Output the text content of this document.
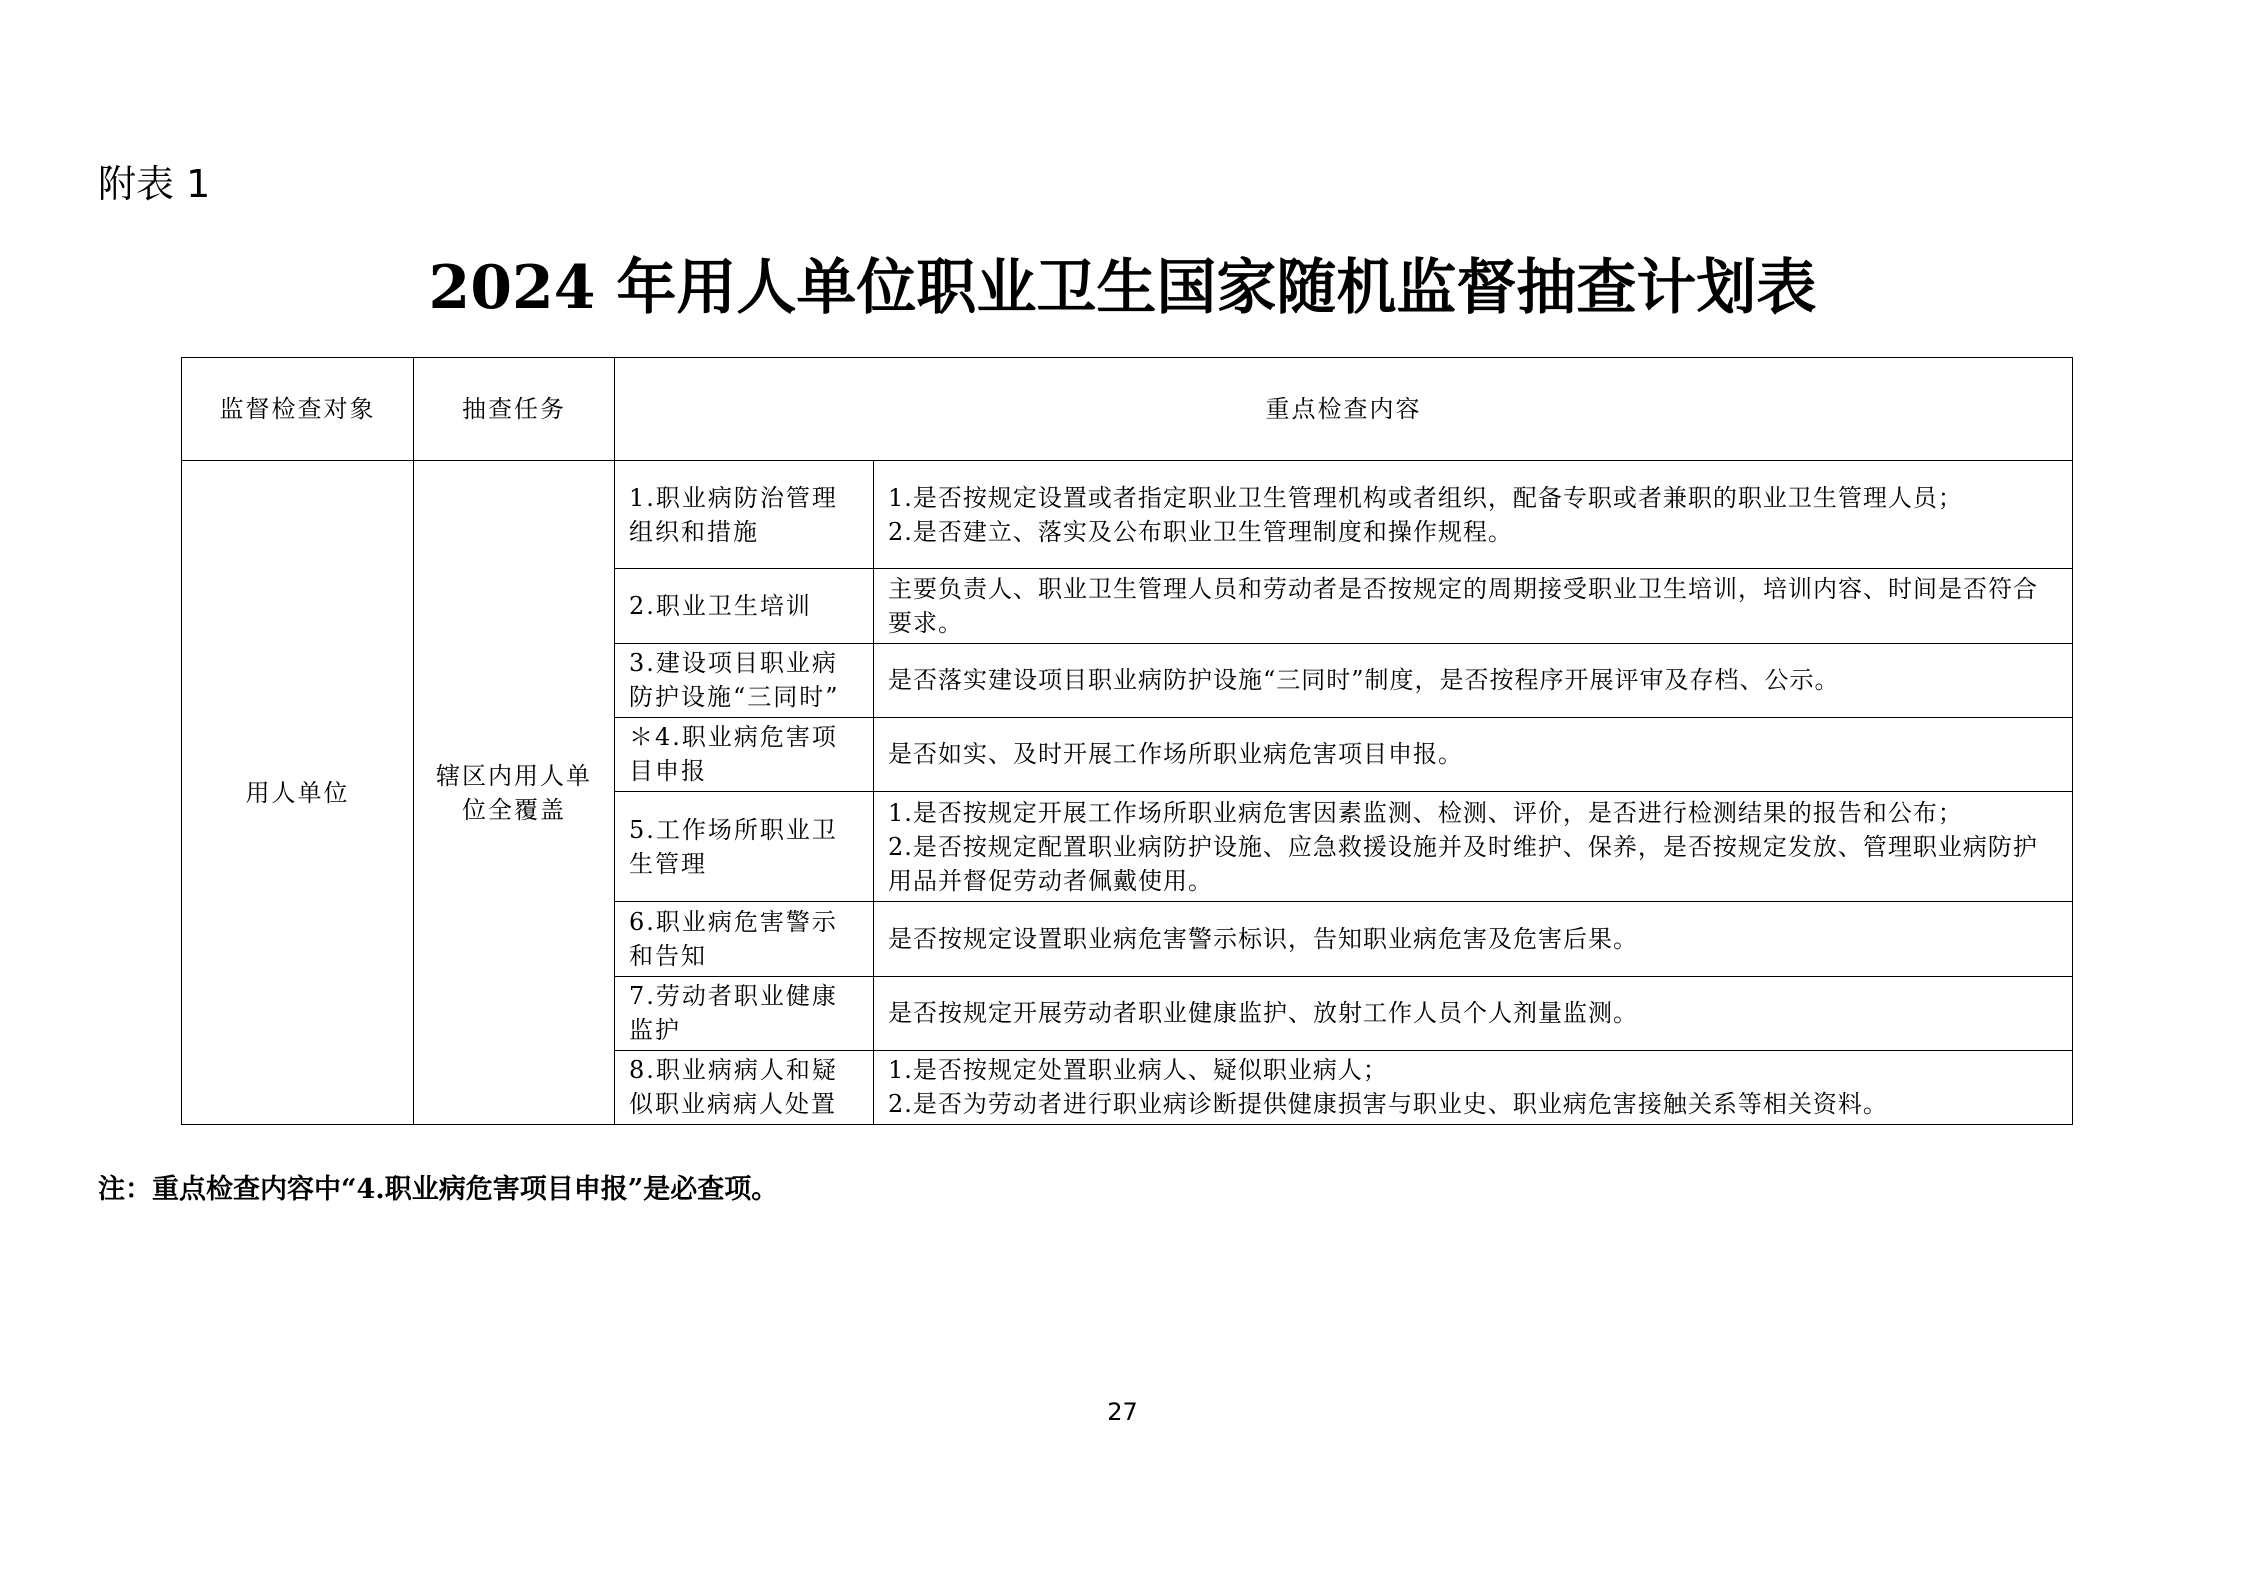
附表 1
2024 年用人单位职业卫生国家随机监督抽查计划表
监督检查对象	抽查任务	重点检查内容	
用人单位	辖区内用人单位全覆盖	1.职业病防治管理组织和措施	1.是否按规定设置或者指定职业卫生管理机构或者组织，配备专职或者兼职的职业卫生管理人员；
2.是否建立、落实及公布职业卫生管理制度和操作规程。

		2.职业卫生培训	主要负责人、职业卫生管理人员和劳动者是否按规定的周期接受职业卫生培训，培训内容、时间是否符合要求。

		3.建设项目职业病防护设施“三同时”	是否落实建设项目职业病防护设施“三同时”制度，是否按程序开展评审及存档、公示。

		＊4.职业病危害项目申报	是否如实、及时开展工作场所职业病危害项目申报。

		5.工作场所职业卫生管理	1.是否按规定开展工作场所职业病危害因素监测、检测、评价，是否进行检测结果的报告和公布；
2.是否按规定配置职业病防护设施、应急救援设施并及时维护、保养，是否按规定发放、管理职业病防护用品并督促劳动者佩戴使用。

		6.职业病危害警示和告知	是否按规定设置职业病危害警示标识，告知职业病危害及危害后果。

		7.劳动者职业健康监护	是否按规定开展劳动者职业健康监护、放射工作人员个人剂量监测。

		8.职业病病人和疑似职业病病人处置	1.是否按规定处置职业病人、疑似职业病人；
2.是否为劳动者进行职业病诊断提供健康损害与职业史、职业病危害接触关系等相关资料。
注：重点检查内容中“4.职业病危害项目申报”是必查项。
27
